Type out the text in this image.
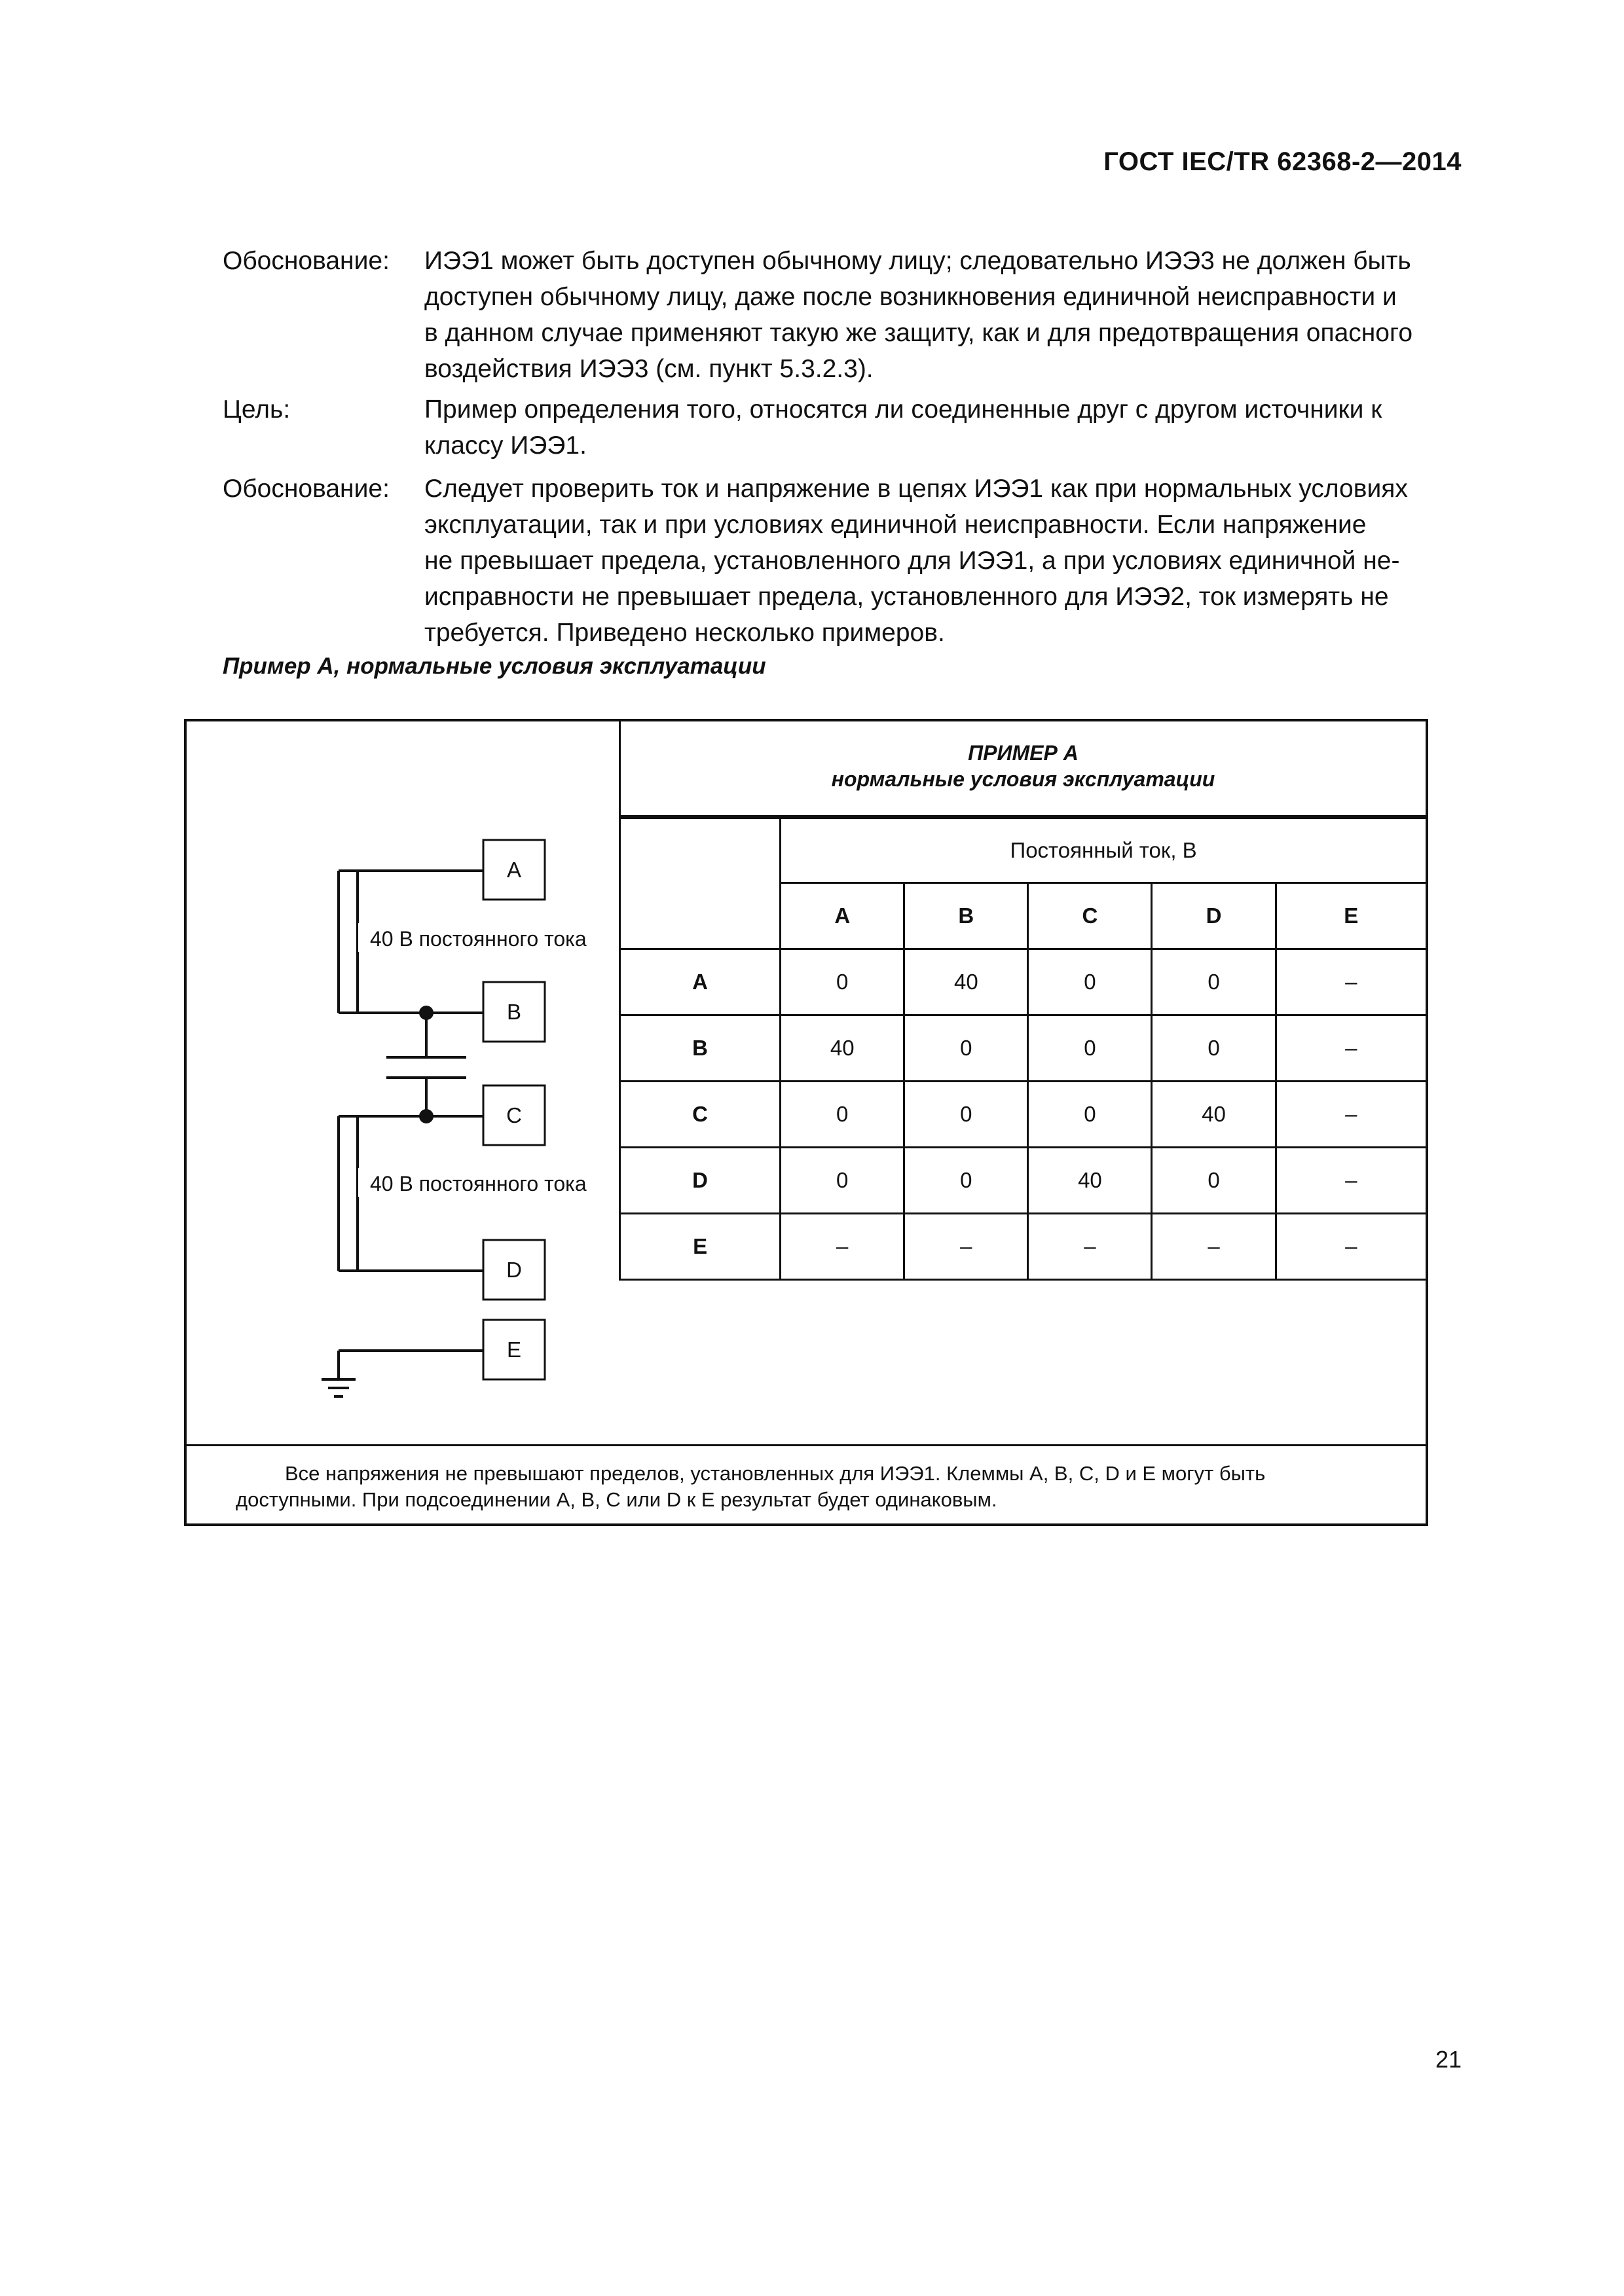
ГОСТ IEC/TR 62368-2—2014
Обоснование: ИЭЭ1 может быть доступен обычному лицу; следовательно ИЭЭ3 не должен быть
доступен обычному лицу, даже после возникновения единичной неисправности и
в данном случае применяют такую же защиту, как и для предотвращения опасного
воздействия ИЭЭ3 (см. пункт 5.3.2.3).
Цель:	Пример определения того, относятся ли соединенные друг с другом источники к
классу ИЭЭ1.
Обоснование: Следует проверить ток и напряжение в цепях ИЭЭ1 как при нормальных условиях
эксплуатации, так и при условиях единичной неисправности. Если напряжение
не превышает предела, установленного для ИЭЭ1, а при условиях единичной не-
исправности не превышает предела, установленного для ИЭЭ2, ток измерять не
требуется. Приведено несколько примеров.
Пример А, нормальные условия эксплуатации
A
B
C
D
E
40 В постоянного тока
40 В постоянного тока
ПРИМЕР А
нормальные условия эксплуатации
	Постоянный ток, В				
	A	B	C	D	E
A	0	40	0	0	–
B	40	0	0	0	–
C	0	0	0	40	–
D	0	0	40	0	–
E	–	–	–	–	–
Все напряжения не превышают пределов, установленных для ИЭЭ1. Клеммы A, B, C, D и E могут быть доступными. При подсоединении A, B, C или D к E результат будет одинаковым.
21
